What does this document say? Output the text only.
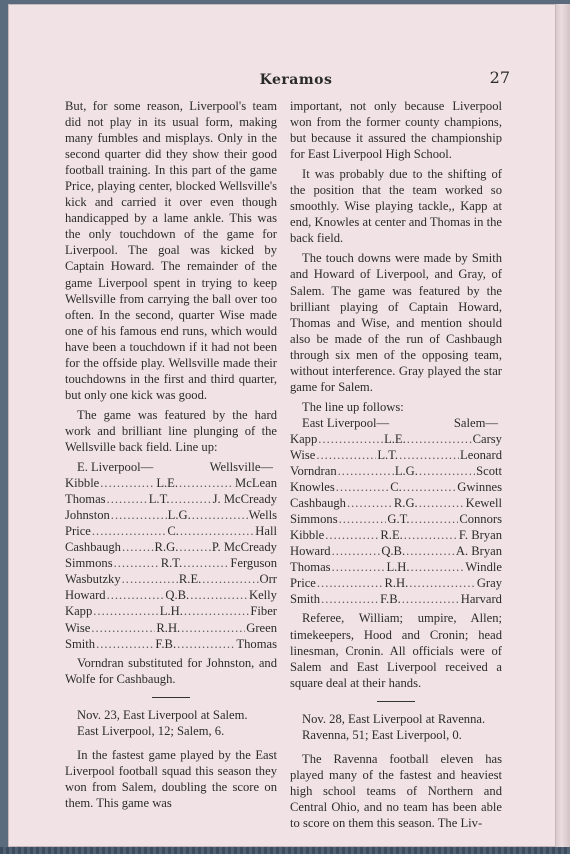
Keramos	27

But, for some reason, Liverpool's team did not play in its usual form, making many fumbles and misplays. Only in the second quarter did they show their good football training. In this part of the game Price, playing center, blocked Wellsville's kick and carried it over even though handicapped by a lame ankle. This was the only touchdown of the game for Liverpool. The goal was kicked by Captain Howard. The remainder of the game Liverpool spent in trying to keep Wellsville from carrying the ball over too often. In the second, quarter Wise made one of his famous end runs, which would have been a touchdown if it had not been for the offside play. Wellsville made their touchdowns in the first and third quarter, but only one kick was good.

The game was featured by the hard work and brilliant line plunging of the Wellsville back field. Line up:

E. Liverpool—	Wellsville—
Kibble .....	L.E. .....	McLean
Thomas .....	L.T. .....	J. McCready
Johnston .....	L.G. .....	Wells
Price .....	C. .....	Hall
Cashbaugh .....	R.G. .....	P. McCready
Simmons .....	R.T. .....	Ferguson
Wasbutzky .....	R.E. .....	Orr
Howard .....	Q.B. .....	Kelly
Kapp .....	L.H. .....	Fiber
Wise .....	R.H. .....	Green
Smith .....	F.B. .....	Thomas

Vorndran substituted for Johnston, and Wolfe for Cashbaugh.

Nov. 23, East Liverpool at Salem.

East Liverpool, 12; Salem, 6.

In the fastest game played by the East Liverpool football squad this season they won from Salem, doubling the score on them. This game was

important, not only because Liverpool won from the former county champions, but because it assured the championship for East Liverpool High School.

It was probably due to the shifting of the position that the team worked so smoothly. Wise playing tackle,, Kapp at end, Knowles at center and Thomas in the back field.

The touch downs were made by Smith and Howard of Liverpool, and Gray, of Salem. The game was featured by the brilliant playing of Captain Howard, Thomas and Wise, and mention should also be made of the run of Cashbaugh through six men of the opposing team, without interference. Gray played the star game for Salem.

The line up follows:

East Liverpool—	Salem—
Kapp .....	L.E. .....	Carsy
Wise .....	L.T. .....	Leonard
Vorndran .....	L.G. .....	Scott
Knowles .....	C. .....	Gwinnes
Cashbaugh .....	R.G. .....	Kewell
Simmons .....	G.T. .....	Connors
Kibble .....	R.E. .....	F. Bryan
Howard .....	Q.B. .....	A. Bryan
Thomas .....	L.H. .....	Windle
Price .....	R.H. .....	Gray
Smith .....	F.B. .....	Harvard

Referee, William; umpire, Allen; timekeepers, Hood and Cronin; head linesman, Cronin. All officials were of Salem and East Liverpool received a square deal at their hands.

Nov. 28, East Liverpool at Ravenna.

Ravenna, 51; East Liverpool, 0.

The Ravenna football eleven has played many of the fastest and heaviest high school teams of Northern and Central Ohio, and no team has been able to score on them this season. The Liv-
